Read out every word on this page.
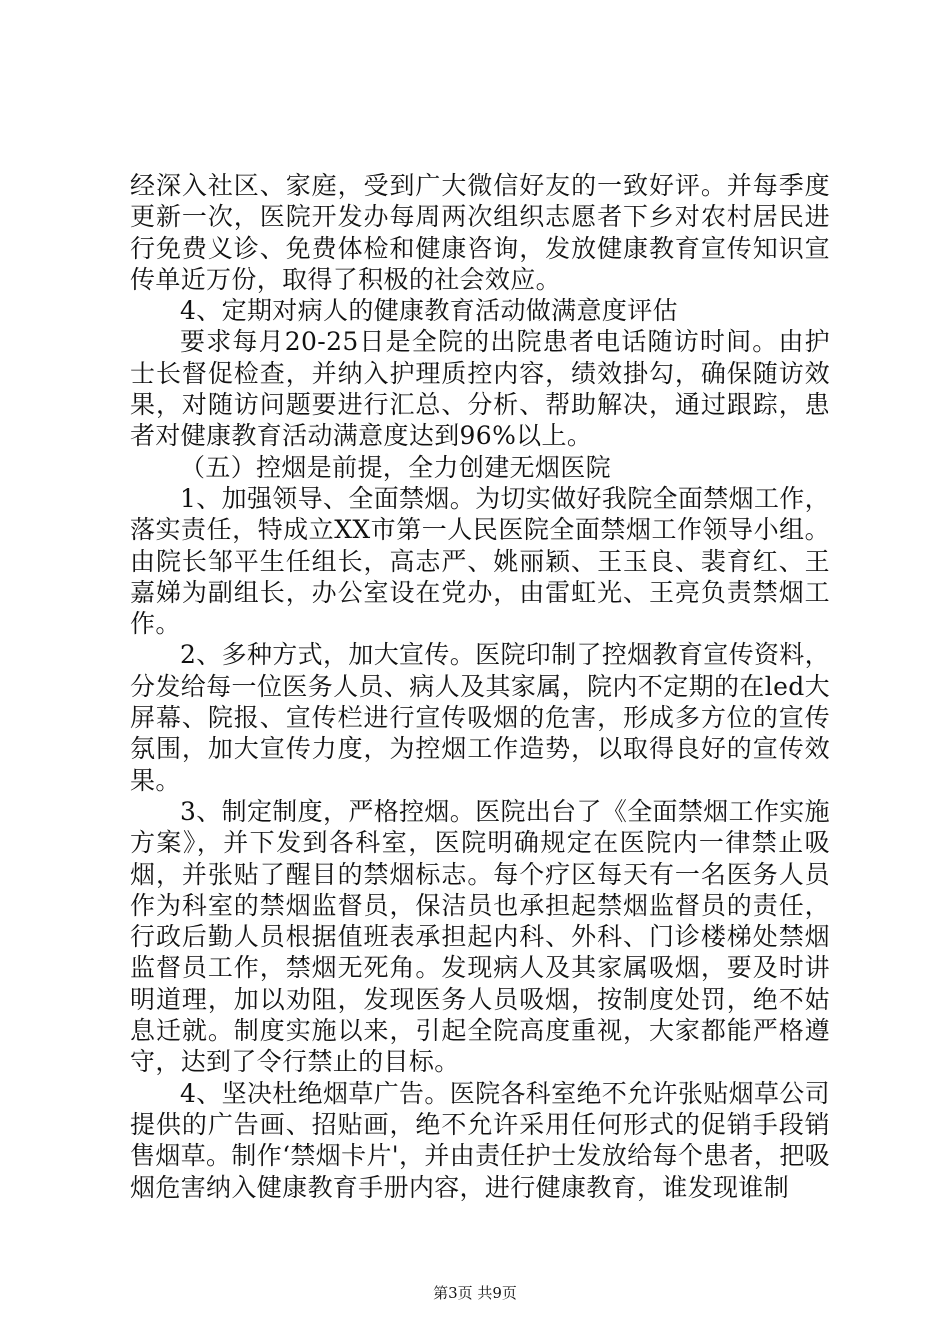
经深入社区、家庭，受到广大微信好友的一致好评。并每季度更新一次，医院开发办每周两次组织志愿者下乡对农村居民进行免费义诊、免费体检和健康咨询，发放健康教育宣传知识宣传单近万份，取得了积极的社会效应。

4、定期对病人的健康教育活动做满意度评估

要求每月20-25日是全院的出院患者电话随访时间。由护士长督促检查，并纳入护理质控内容，绩效掛勾，确保随访效果，对随访问题要进行汇总、分析、帮助解决，通过跟踪，患者对健康教育活动满意度达到96%以上。

（五）控烟是前提，全力创建无烟医院

1、加强领导、全面禁烟。为切实做好我院全面禁烟工作，落实责任，特成立XX市第一人民医院全面禁烟工作领导小组。由院长邹平生任组长，高志严、姚丽颖、王玉良、裴育红、王嘉娣为副组长，办公室设在党办，由雷虹光、王亮负责禁烟工作。

2、多种方式，加大宣传。医院印制了控烟教育宣传资料，分发给每一位医务人员、病人及其家属，院内不定期的在led大屏幕、院报、宣传栏进行宣传吸烟的危害，形成多方位的宣传氛围，加大宣传力度，为控烟工作造势，以取得良好的宣传效果。

3、制定制度，严格控烟。医院出台了《全面禁烟工作实施方案》，并下发到各科室，医院明确规定在医院内一律禁止吸烟，并张贴了醒目的禁烟标志。每个疗区每天有一名医务人员作为科室的禁烟监督员，保洁员也承担起禁烟监督员的责任，行政后勤人员根据值班表承担起内科、外科、门诊楼梯处禁烟监督员工作，禁烟无死角。发现病人及其家属吸烟，要及时讲明道理，加以劝阻，发现医务人员吸烟，按制度处罚，绝不姑息迁就。制度实施以来，引起全院高度重视，大家都能严格遵守，达到了令行禁止的目标。

4、坚决杜绝烟草广告。医院各科室绝不允许张贴烟草公司提供的广告画、招贴画，绝不允许采用任何形式的促销手段销售烟草。制作‘禁烟卡片'，并由责任护士发放给每个患者，把吸烟危害纳入健康教育手册内容，进行健康教育，谁发现谁制

第3页 共9页
